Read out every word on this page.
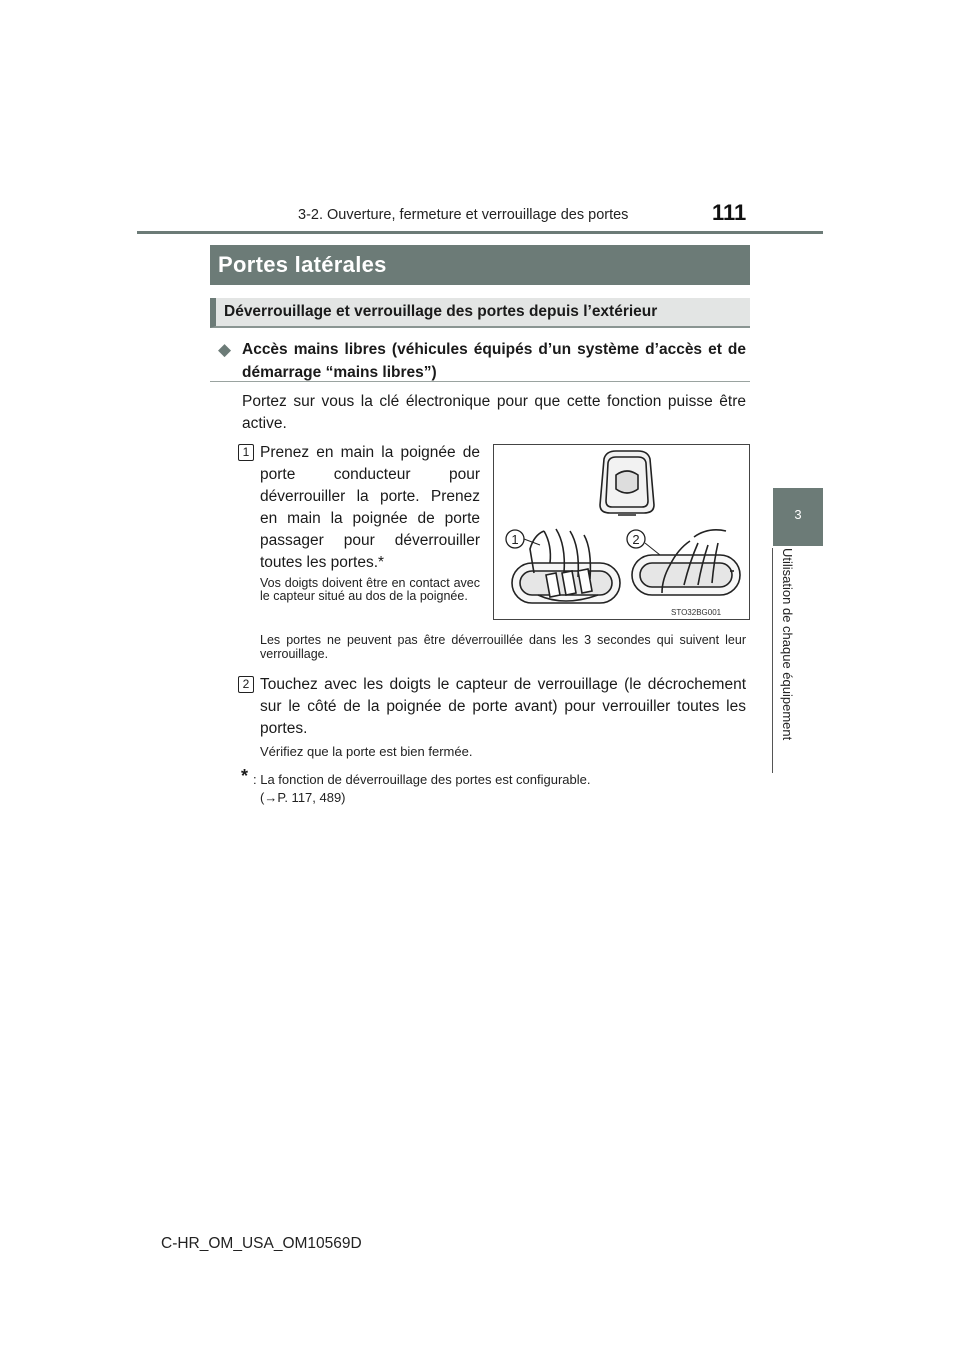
3-2. Ouverture, fermeture et verrouillage des portes	111
3
Utilisation de chaque équipement
Portes latérales
Déverrouillage et verrouillage des portes depuis l’extérieur
◆ Accès mains libres (véhicules équipés d’un système d’accès et de démarrage “mains libres”)
Portez sur vous la clé électronique pour que cette fonction puisse être active.
1 Prenez en main la poignée de porte conducteur pour déverrouiller la porte. Prenez en main la poignée de porte passager pour déverrouiller toutes les portes.*
Vos doigts doivent être en contact avec le capteur situé au dos de la poignée.
Les portes ne peuvent pas être déverrouillée dans les 3 secondes qui suivent leur verrouillage.
1	2
STO32BG001
2 Touchez avec les doigts le capteur de verrouillage (le décrochement sur le côté de la poignée de porte avant) pour verrouiller toutes les portes.
Vérifiez que la porte est bien fermée.
* : La fonction de déverrouillage des portes est configurable.
(→P. 117, 489)
C-HR_OM_USA_OM10569D
